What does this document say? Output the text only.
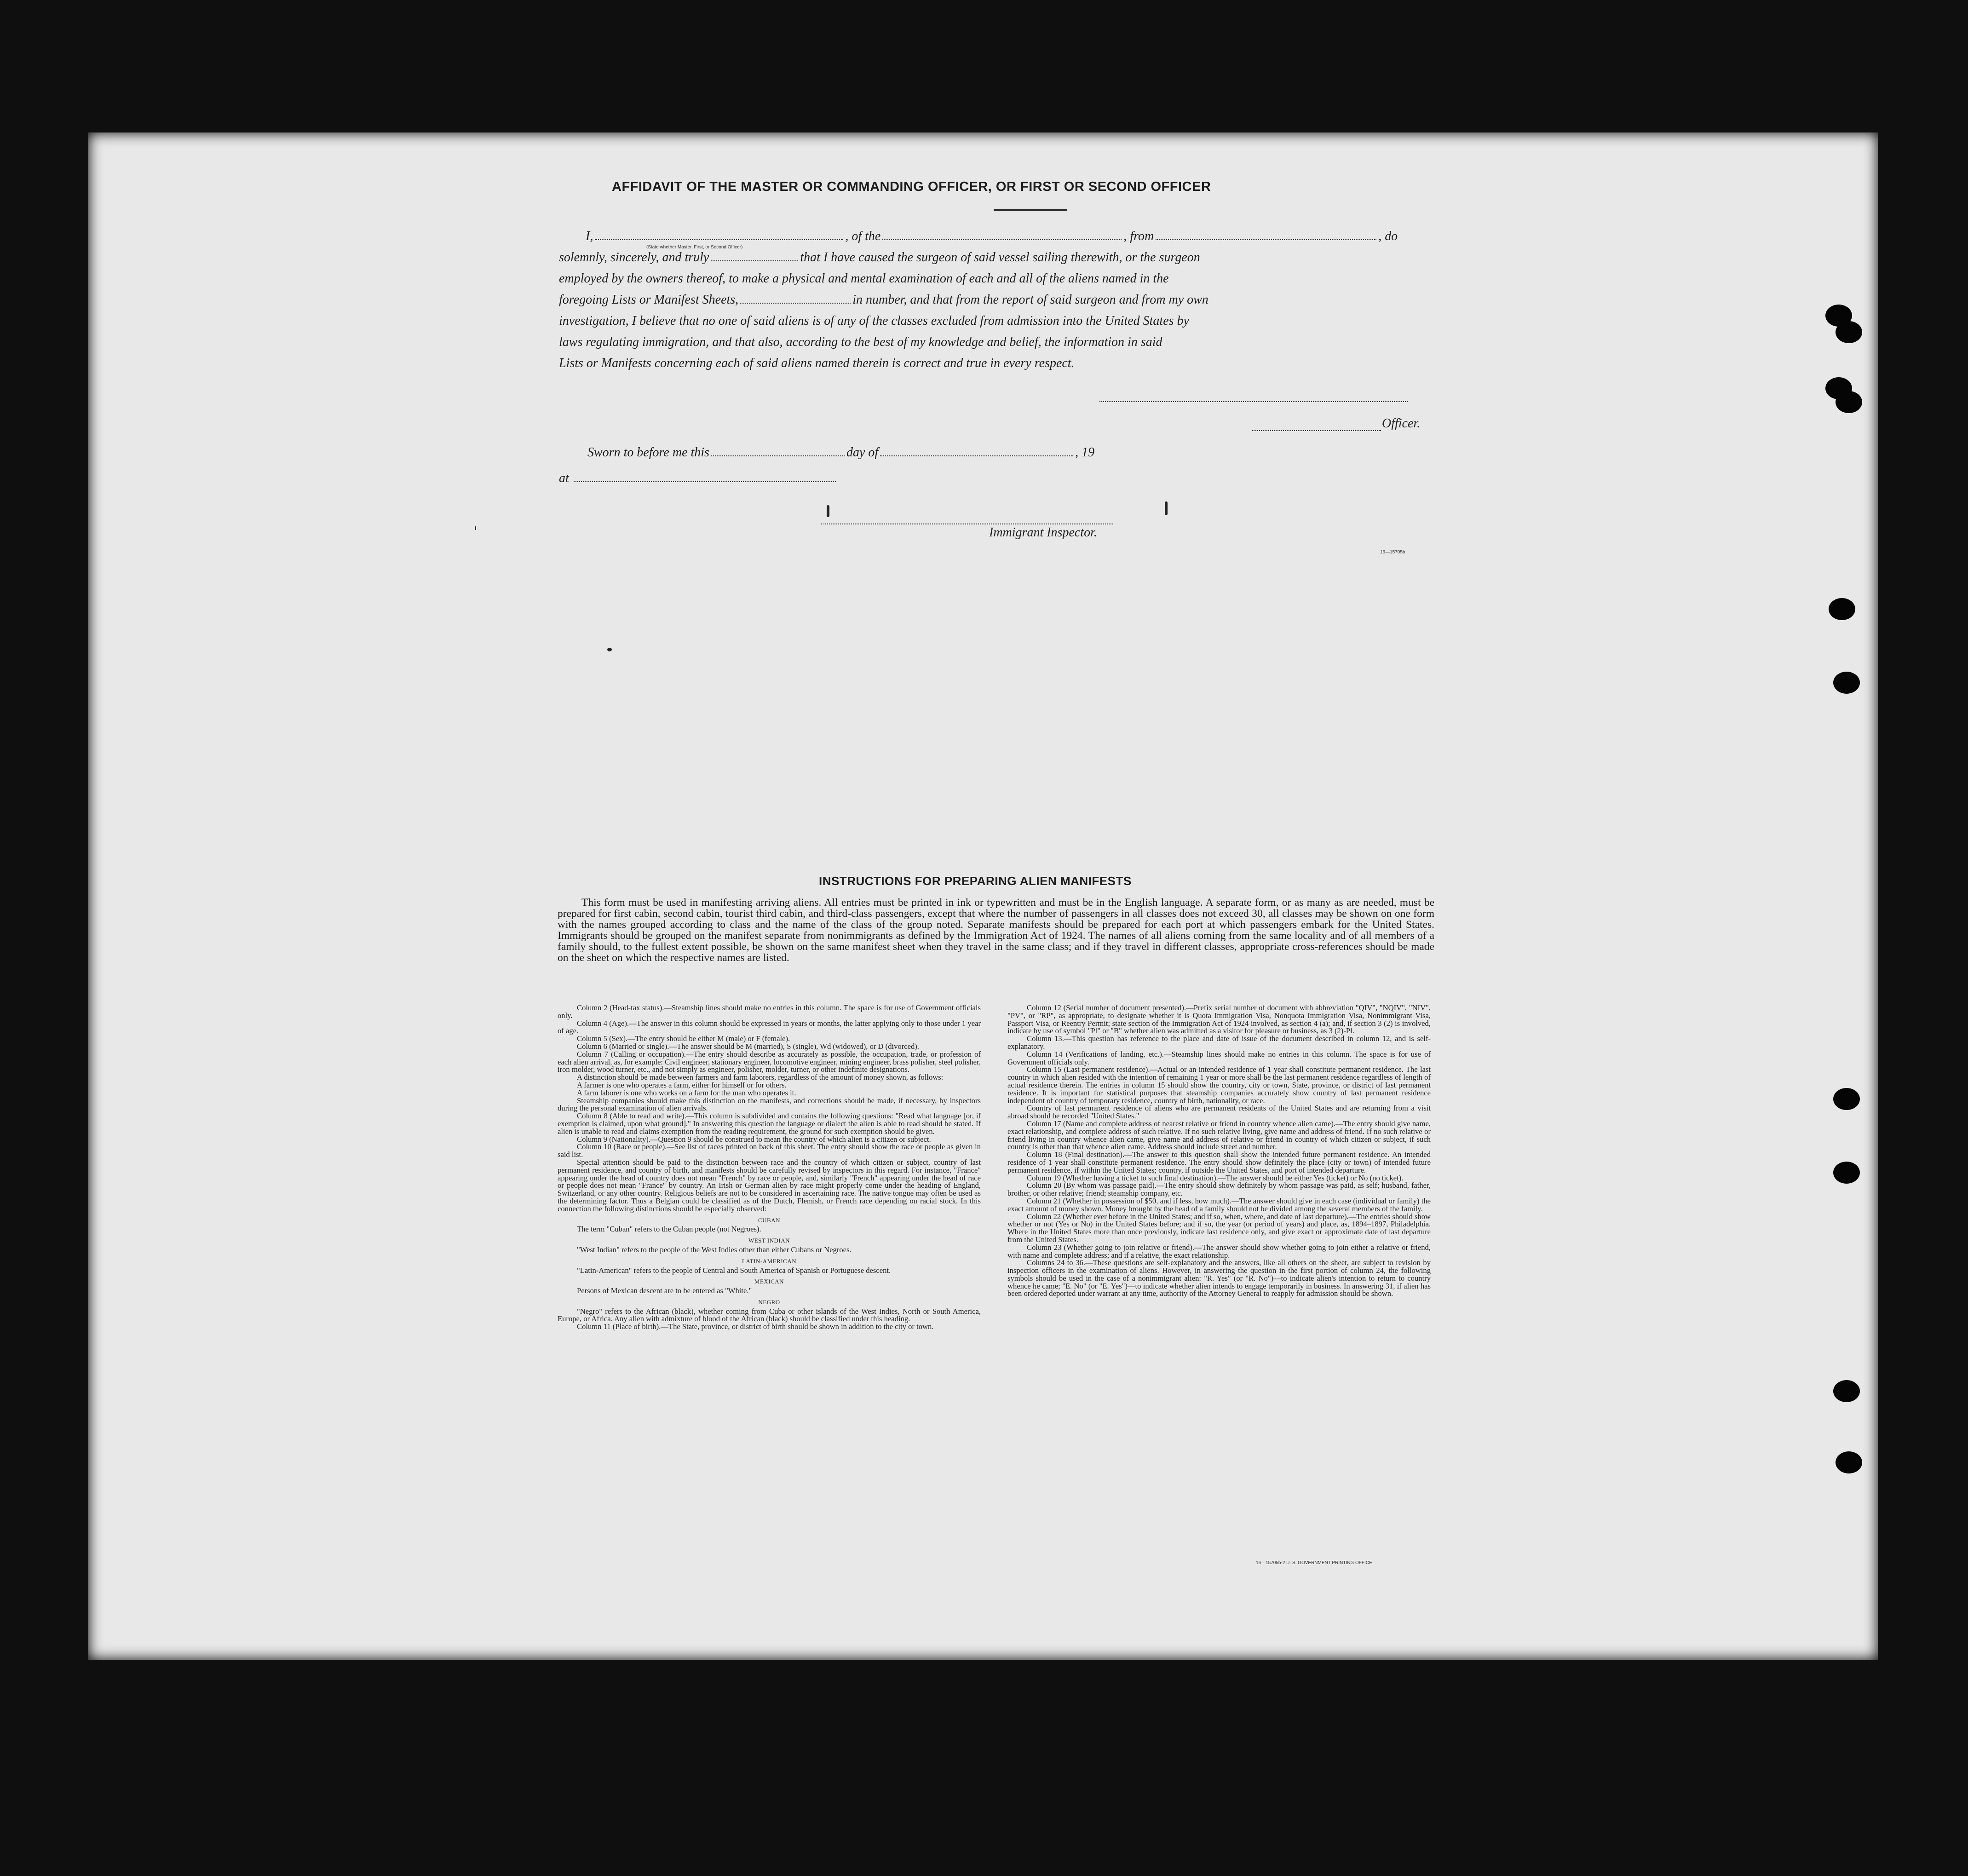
AFFIDAVIT OF THE MASTER OR COMMANDING OFFICER, OR FIRST OR SECOND OFFICER
I,	, of the	, from	, do
(State whether Master, First, or Second Officer)
solemnly, sincerely, and truly	that I have caused the surgeon of said vessel sailing therewith, or the surgeon
employed by the owners thereof, to make a physical and mental examination of each and all of the aliens named in the
foregoing Lists or Manifest Sheets,	in number, and that from the report of said surgeon and from my own
investigation, I believe that no one of said aliens is of any of the classes excluded from admission into the United States by
laws regulating immigration, and that also, according to the best of my knowledge and belief, the information in said
Lists or Manifests concerning each of said aliens named therein is correct and true in every respect.
Officer.
Sworn to before me this	day of	, 19
at
Immigrant Inspector.
16—15705b
INSTRUCTIONS FOR PREPARING ALIEN MANIFESTS
This form must be used in manifesting arriving aliens. All entries must be printed in ink or typewritten and must be in the English language. A separate form, or as many as are needed, must be prepared for first cabin, second cabin, tourist third cabin, and third-class passengers, except that where the number of passengers in all classes does not exceed 30, all classes may be shown on one form with the names grouped according to class and the name of the class of the group noted. Separate manifests should be prepared for each port at which passengers embark for the United States. Immigrants should be grouped on the manifest separate from nonimmigrants as defined by the Immigration Act of 1924. The names of all aliens coming from the same locality and of all members of a family should, to the fullest extent possible, be shown on the same manifest sheet when they travel in the same class; and if they travel in different classes, appropriate cross-references should be made on the sheet on which the respective names are listed.

Column 2 (Head-tax status).—Steamship lines should make no entries in this column. The space is for use of Government officials only.

Column 4 (Age).—The answer in this column should be expressed in years or months, the latter applying only to those under 1 year of age.

Column 5 (Sex).—The entry should be either M (male) or F (female).

Column 6 (Married or single).—The answer should be M (married), S (single), Wd (widowed), or D (divorced).

Column 7 (Calling or occupation).—The entry should describe as accurately as possible, the occupation, trade, or profession of each alien arrival, as, for example: Civil engineer, stationary engineer, locomotive engineer, mining engineer, brass polisher, steel polisher, iron molder, wood turner, etc., and not simply as engineer, polisher, molder, turner, or other indefinite designations.

A distinction should be made between farmers and farm laborers, regardless of the amount of money shown, as follows:

A farmer is one who operates a farm, either for himself or for others.

A farm laborer is one who works on a farm for the man who operates it.

Steamship companies should make this distinction on the manifests, and corrections should be made, if necessary, by inspectors during the personal examination of alien arrivals.

Column 8 (Able to read and write).—This column is subdivided and contains the following questions: "Read what language [or, if exemption is claimed, upon what ground]." In answering this question the language or dialect the alien is able to read should be stated. If alien is unable to read and claims exemption from the reading requirement, the ground for such exemption should be given.

Column 9 (Nationality).—Question 9 should be construed to mean the country of which alien is a citizen or subject.

Column 10 (Race or people).—See list of races printed on back of this sheet. The entry should show the race or people as given in said list.

Special attention should be paid to the distinction between race and the country of which citizen or subject, country of last permanent residence, and country of birth, and manifests should be carefully revised by inspectors in this regard. For instance, "France" appearing under the head of country does not mean "French" by race or people, and, similarly "French" appearing under the head of race or people does not mean "France" by country. An Irish or German alien by race might properly come under the heading of England, Switzerland, or any other country. Religious beliefs are not to be considered in ascertaining race. The native tongue may often be used as the determining factor. Thus a Belgian could be classified as of the Dutch, Flemish, or French race depending on racial stock. In this connection the following distinctions should be especially observed:

CUBAN

The term "Cuban" refers to the Cuban people (not Negroes).

WEST INDIAN

"West Indian" refers to the people of the West Indies other than either Cubans or Negroes.

LATIN-AMERICAN

"Latin-American" refers to the people of Central and South America of Spanish or Portuguese descent.

MEXICAN

Persons of Mexican descent are to be entered as "White."

NEGRO

"Negro" refers to the African (black), whether coming from Cuba or other islands of the West Indies, North or South America, Europe, or Africa. Any alien with admixture of blood of the African (black) should be classified under this heading.

Column 11 (Place of birth).—The State, province, or district of birth should be shown in addition to the city or town.

Column 12 (Serial number of document presented).—Prefix serial number of document with abbreviation "QIV", "NQIV", "NIV", "PV", or "RP", as appropriate, to designate whether it is Quota Immigration Visa, Nonquota Immigration Visa, Nonimmigrant Visa, Passport Visa, or Reentry Permit; state section of the Immigration Act of 1924 involved, as section 4 (a); and, if section 3 (2) is involved, indicate by use of symbol "Pl" or "B" whether alien was admitted as a visitor for pleasure or business, as 3 (2)-Pl.

Column 13.—This question has reference to the place and date of issue of the document described in column 12, and is self-explanatory.

Column 14 (Verifications of landing, etc.).—Steamship lines should make no entries in this column. The space is for use of Government officials only.

Column 15 (Last permanent residence).—Actual or an intended residence of 1 year shall constitute permanent residence. The last country in which alien resided with the intention of remaining 1 year or more shall be the last permanent residence regardless of length of actual residence therein. The entries in column 15 should show the country, city or town, State, province, or district of last permanent residence. It is important for statistical purposes that steamship companies accurately show country of last permanent residence independent of country of temporary residence, country of birth, nationality, or race.

Country of last permanent residence of aliens who are permanent residents of the United States and are returning from a visit abroad should be recorded "United States."

Column 17 (Name and complete address of nearest relative or friend in country whence alien came).—The entry should give name, exact relationship, and complete address of such relative. If no such relative living, give name and address of friend. If no such relative or friend living in country whence alien came, give name and address of relative or friend in country of which citizen or subject, if such country is other than that whence alien came. Address should include street and number.

Column 18 (Final destination).—The answer to this question shall show the intended future permanent residence. An intended residence of 1 year shall constitute permanent residence. The entry should show definitely the place (city or town) of intended future permanent residence, if within the United States; country, if outside the United States, and port of intended departure.

Column 19 (Whether having a ticket to such final destination).—The answer should be either Yes (ticket) or No (no ticket).

Column 20 (By whom was passage paid).—The entry should show definitely by whom passage was paid, as self; husband, father, brother, or other relative; friend; steamship company, etc.

Column 21 (Whether in possession of $50, and if less, how much).—The answer should give in each case (individual or family) the exact amount of money shown. Money brought by the head of a family should not be divided among the several members of the family.

Column 22 (Whether ever before in the United States; and if so, when, where, and date of last departure).—The entries should show whether or not (Yes or No) in the United States before; and if so, the year (or period of years) and place, as, 1894–1897, Philadelphia. Where in the United States more than once previously, indicate last residence only, and give exact or approximate date of last departure from the United States.

Column 23 (Whether going to join relative or friend).—The answer should show whether going to join either a relative or friend, with name and complete address; and if a relative, the exact relationship.

Columns 24 to 36.—These questions are self-explanatory and the answers, like all others on the sheet, are subject to revision by inspection officers in the examination of aliens. However, in answering the question in the first portion of column 24, the following symbols should be used in the case of a nonimmigrant alien: "R. Yes" (or "R. No")—to indicate alien's intention to return to country whence he came; "E. No" (or "E. Yes")—to indicate whether alien intends to engage temporarily in business. In answering 31, if alien has been ordered deported under warrant at any time, authority of the Attorney General to reapply for admission should be shown.

16—15705b-2 U. S. GOVERNMENT PRINTING OFFICE
